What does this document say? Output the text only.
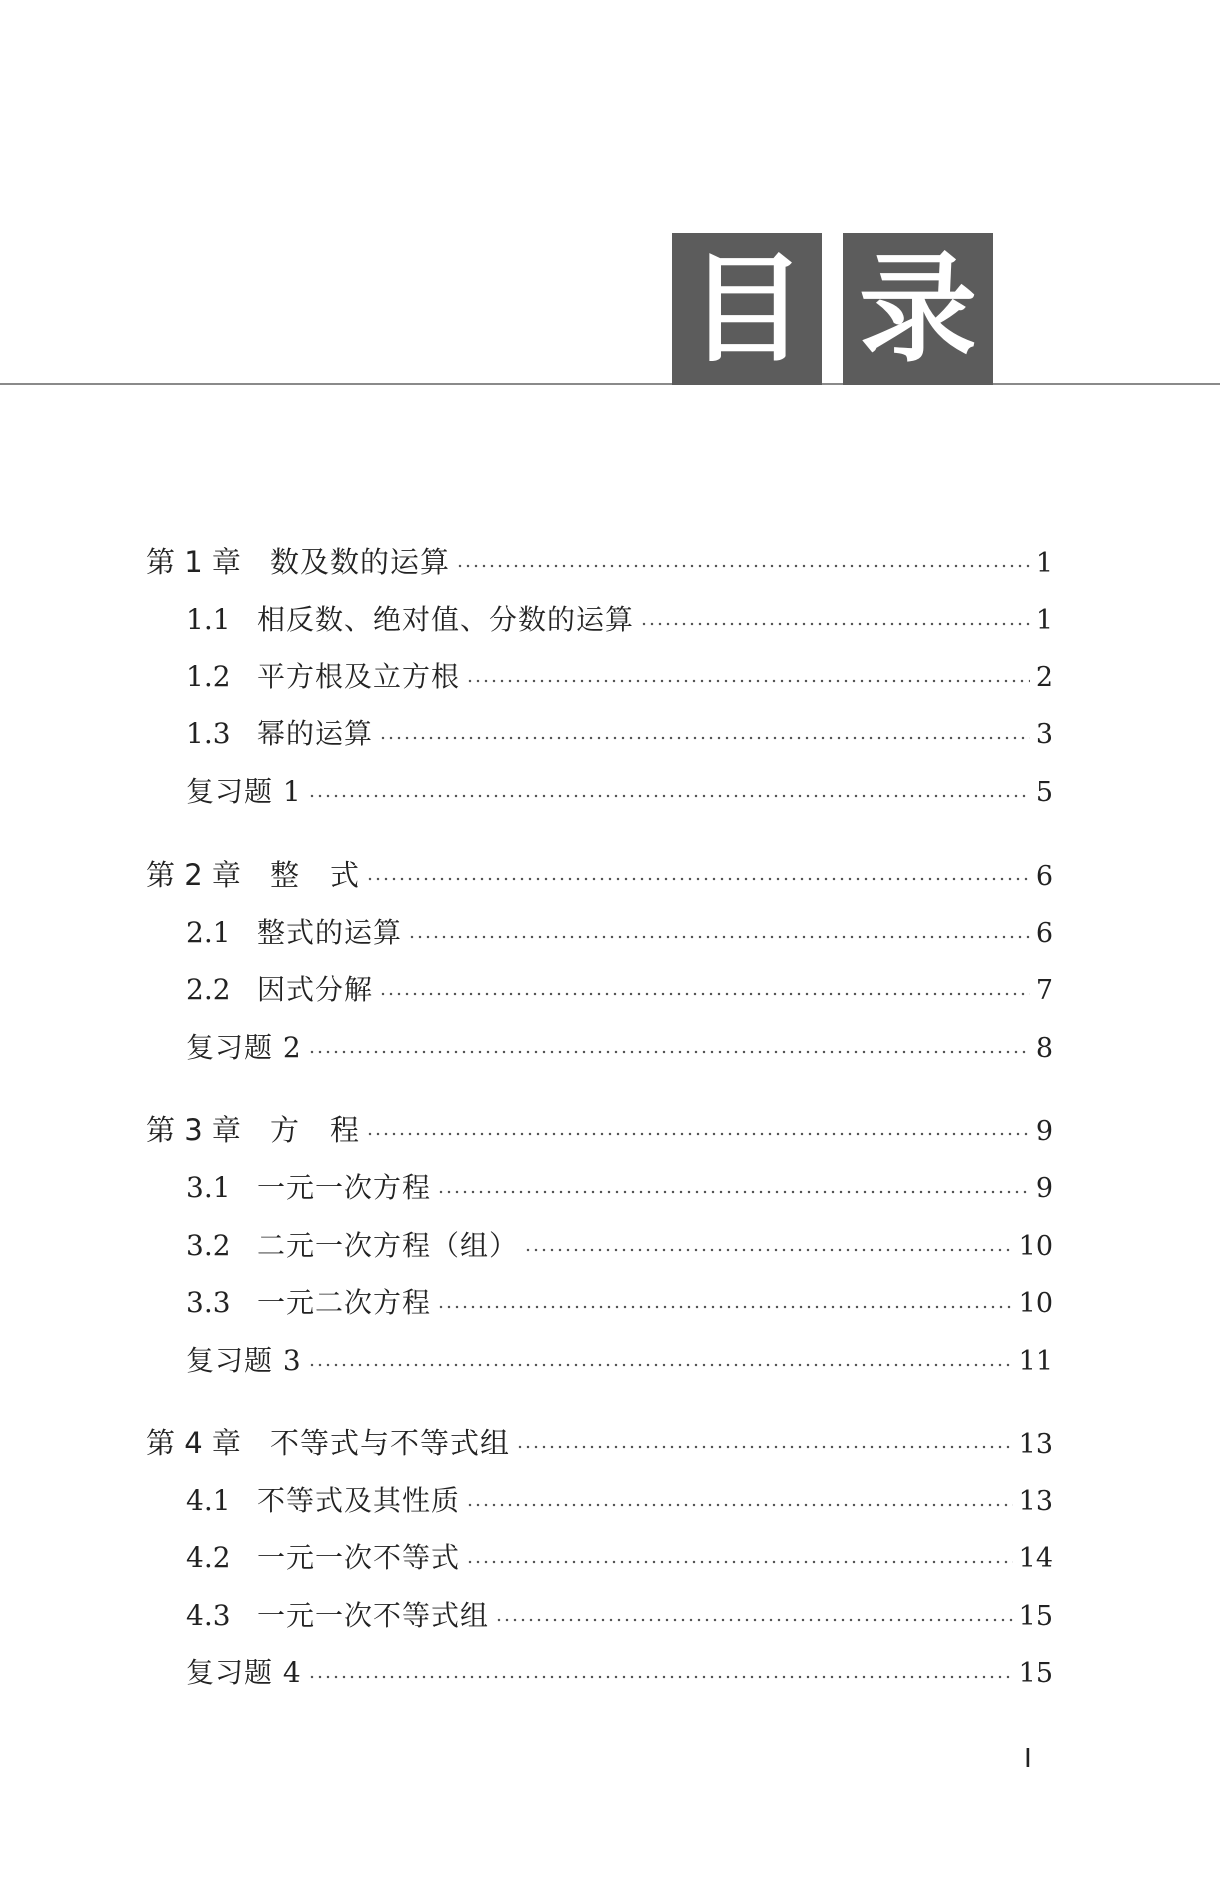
目 录
第 1 章	数及数的运算	1
1.1 相反数、绝对值、分数的运算	1
1.2 平方根及立方根	2
1.3 幂的运算	3
复习题 1	5
第 2 章	整　式	6
2.1 整式的运算	6
2.2 因式分解	7
复习题 2	8
第 3 章	方　程	9
3.1 一元一次方程	9
3.2 二元一次方程（组）	10
3.3 一元二次方程	10
复习题 3	11
第 4 章	不等式与不等式组	13
4.1 不等式及其性质	13
4.2 一元一次不等式	14
4.3 一元一次不等式组	15
复习题 4	15
I
